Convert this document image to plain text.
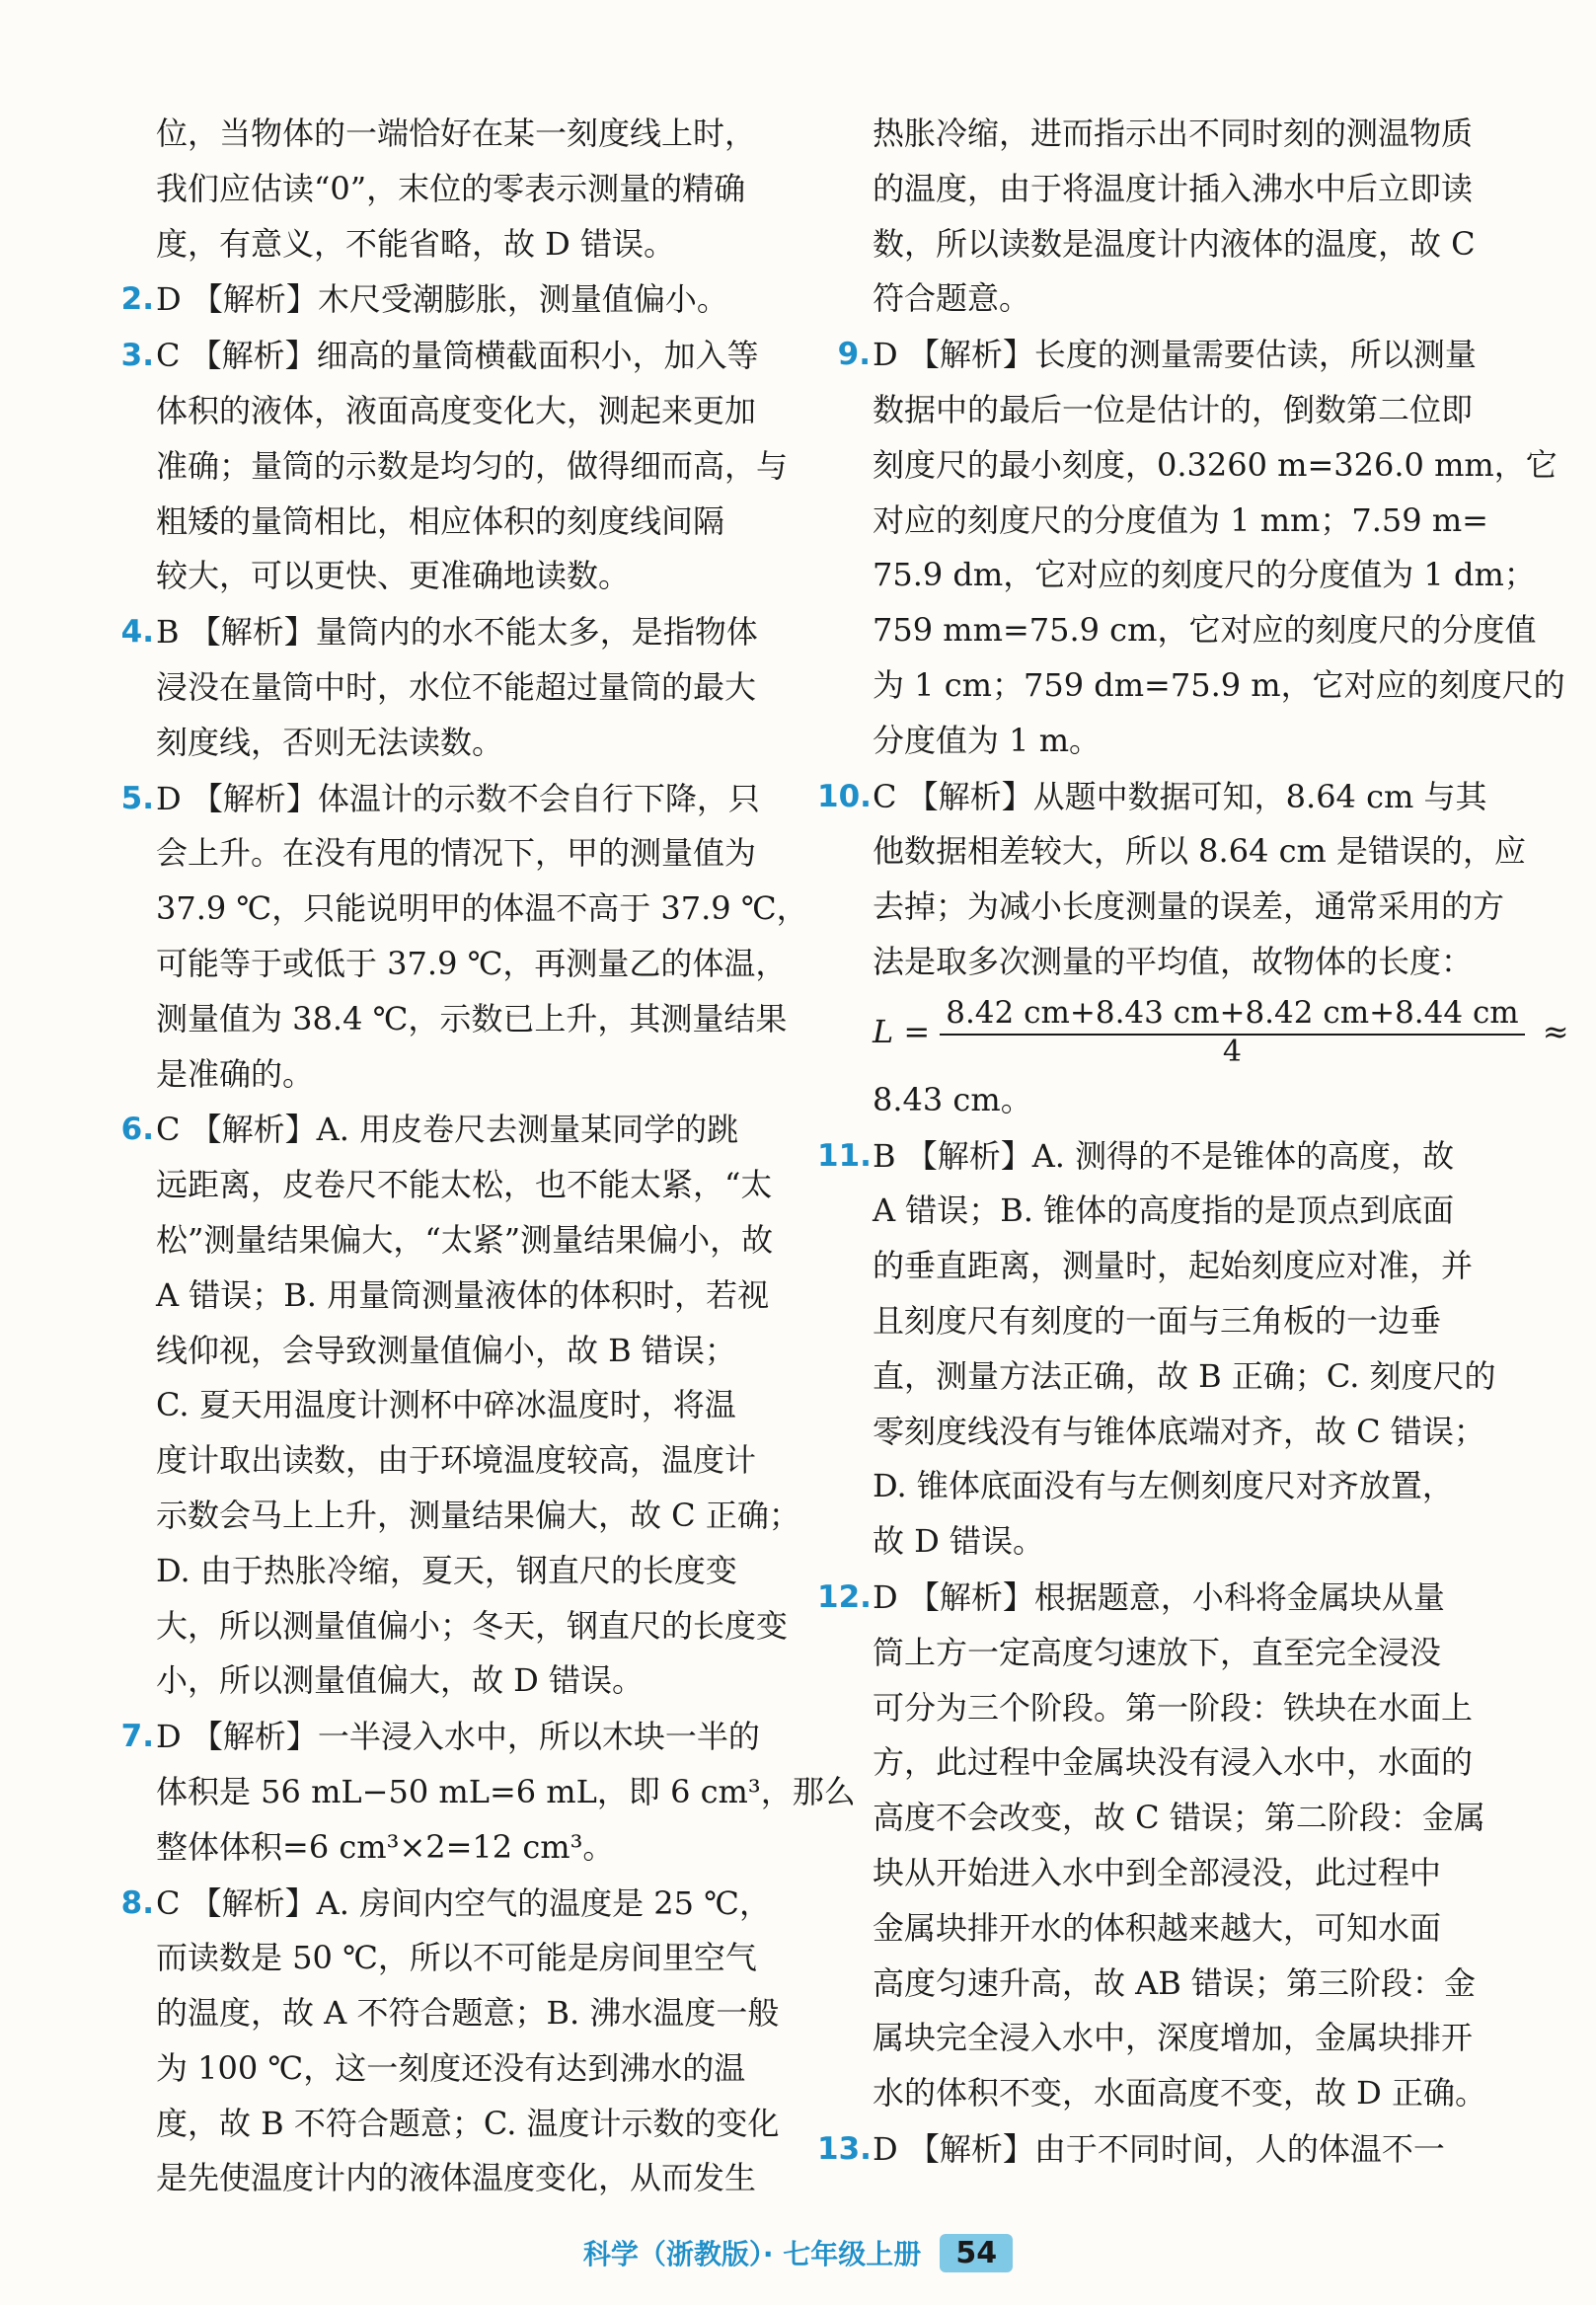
位，当物体的一端恰好在某一刻度线上时，
我们应估读“0”，末位的零表示测量的精确
度，有意义，不能省略，故 D 错误。
2. D 【解析】木尺受潮膨胀，测量值偏小。
3. C 【解析】细高的量筒横截面积小，加入等
体积的液体，液面高度变化大，测起来更加
准确；量筒的示数是均匀的，做得细而高，与
粗矮的量筒相比，相应体积的刻度线间隔
较大，可以更快、更准确地读数。
4. B 【解析】量筒内的水不能太多，是指物体
浸没在量筒中时，水位不能超过量筒的最大
刻度线，否则无法读数。
5. D 【解析】体温计的示数不会自行下降，只
会上升。在没有甩的情况下，甲的测量值为
37.9 ℃，只能说明甲的体温不高于 37.9 ℃，
可能等于或低于 37.9 ℃，再测量乙的体温，
测量值为 38.4 ℃，示数已上升，其测量结果
是准确的。
6. C 【解析】A. 用皮卷尺去测量某同学的跳
远距离，皮卷尺不能太松，也不能太紧，“太
松”测量结果偏大，“太紧”测量结果偏小，故
A 错误；B. 用量筒测量液体的体积时，若视
线仰视，会导致测量值偏小，故 B 错误；
C. 夏天用温度计测杯中碎冰温度时，将温
度计取出读数，由于环境温度较高，温度计
示数会马上上升，测量结果偏大，故 C 正确；
D. 由于热胀冷缩，夏天，钢直尺的长度变
大，所以测量值偏小；冬天，钢直尺的长度变
小，所以测量值偏大，故 D 错误。
7. D 【解析】一半浸入水中，所以木块一半的
体积是 56 mL−50 mL=6 mL，即 6 cm³，那么
整体体积=6 cm³×2=12 cm³。
8. C 【解析】A. 房间内空气的温度是 25 ℃，
而读数是 50 ℃，所以不可能是房间里空气
的温度，故 A 不符合题意；B. 沸水温度一般
为 100 ℃，这一刻度还没有达到沸水的温
度，故 B 不符合题意；C. 温度计示数的变化
是先使温度计内的液体温度变化，从而发生
热胀冷缩，进而指示出不同时刻的测温物质
的温度，由于将温度计插入沸水中后立即读
数，所以读数是温度计内液体的温度，故 C
符合题意。
9. D 【解析】长度的测量需要估读，所以测量
数据中的最后一位是估计的，倒数第二位即
刻度尺的最小刻度，0.3260 m=326.0 mm，它
对应的刻度尺的分度值为 1 mm；7.59 m=
75.9 dm，它对应的刻度尺的分度值为 1 dm；
759 mm=75.9 cm，它对应的刻度尺的分度值
为 1 cm；759 dm=75.9 m，它对应的刻度尺的
分度值为 1 m。
10. C 【解析】从题中数据可知，8.64 cm 与其
他数据相差较大，所以 8.64 cm 是错误的，应
去掉；为减小长度测量的误差，通常采用的方
法是取多次测量的平均值，故物体的长度：
$L = \frac{8.42 cm+8.43 cm+8.42 cm+8.44 cm}{4}$ ≈
8.43 cm。
11. B 【解析】A. 测得的不是锥体的高度，故
A 错误；B. 锥体的高度指的是顶点到底面
的垂直距离，测量时，起始刻度应对准，并
且刻度尺有刻度的一面与三角板的一边垂
直，测量方法正确，故 B 正确；C. 刻度尺的
零刻度线没有与锥体底端对齐，故 C 错误；
D. 锥体底面没有与左侧刻度尺对齐放置，
故 D 错误。
12. D 【解析】根据题意，小科将金属块从量
筒上方一定高度匀速放下，直至完全浸没
可分为三个阶段。第一阶段：铁块在水面上
方，此过程中金属块没有浸入水中，水面的
高度不会改变，故 C 错误；第二阶段：金属
块从开始进入水中到全部浸没，此过程中
金属块排开水的体积越来越大，可知水面
高度匀速升高，故 AB 错误；第三阶段：金
属块完全浸入水中，深度增加，金属块排开
水的体积不变，水面高度不变，故 D 正确。
13. D 【解析】由于不同时间，人的体温不一
科学（浙教版）· 七年级上册 54
